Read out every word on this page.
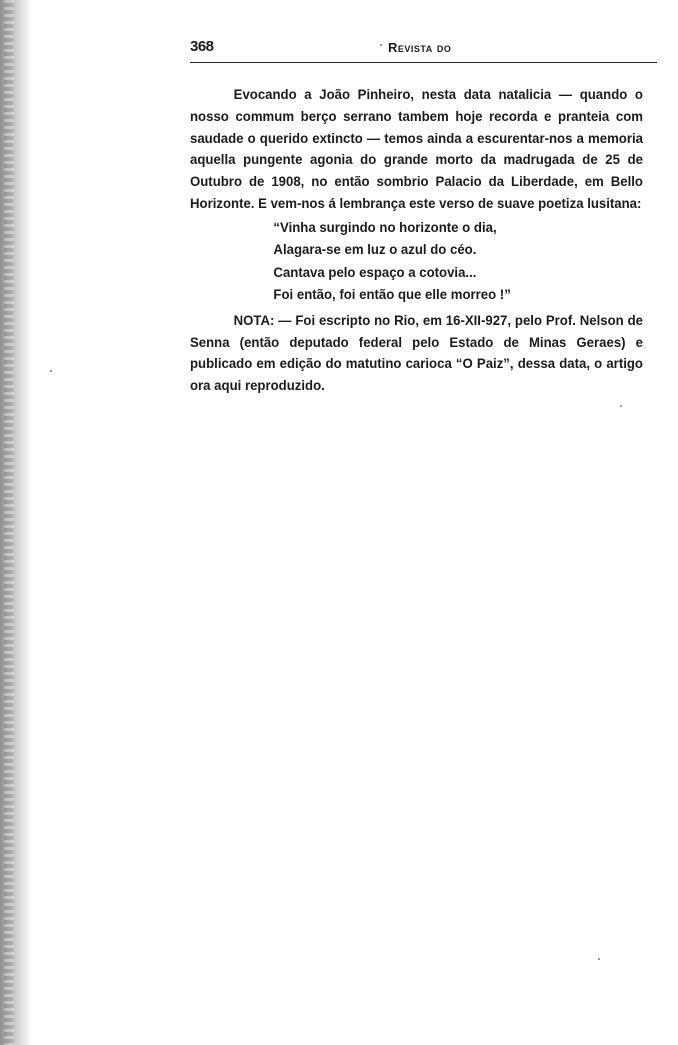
368	Revista do

Evocando a João Pinheiro, nesta data natalicia — quando o nosso commum berço serrano tambem hoje recorda e pranteia com saudade o querido extincto — temos ainda a escurentar-nos a memoria aquella pungente agonia do grande morto da madrugada de 25 de Outubro de 1908, no então sombrio Palacio da Liberdade, em Bello Horizonte. E vem-nos á lembrança este verso de suave poetiza lusitana:

“Vinha surgindo no horizonte o dia,
Alagara-se em luz o azul do céo.
Cantava pelo espaço a cotovia...
Foi então, foi então que elle morreo !”

NOTA: — Foi escripto no Rio, em 16-XII-927, pelo Prof. Nelson de Senna (então deputado federal pelo Estado de Minas Geraes) e publicado em edição do matutino carioca “O Paiz”, dessa data, o artigo ora aqui reproduzido.
